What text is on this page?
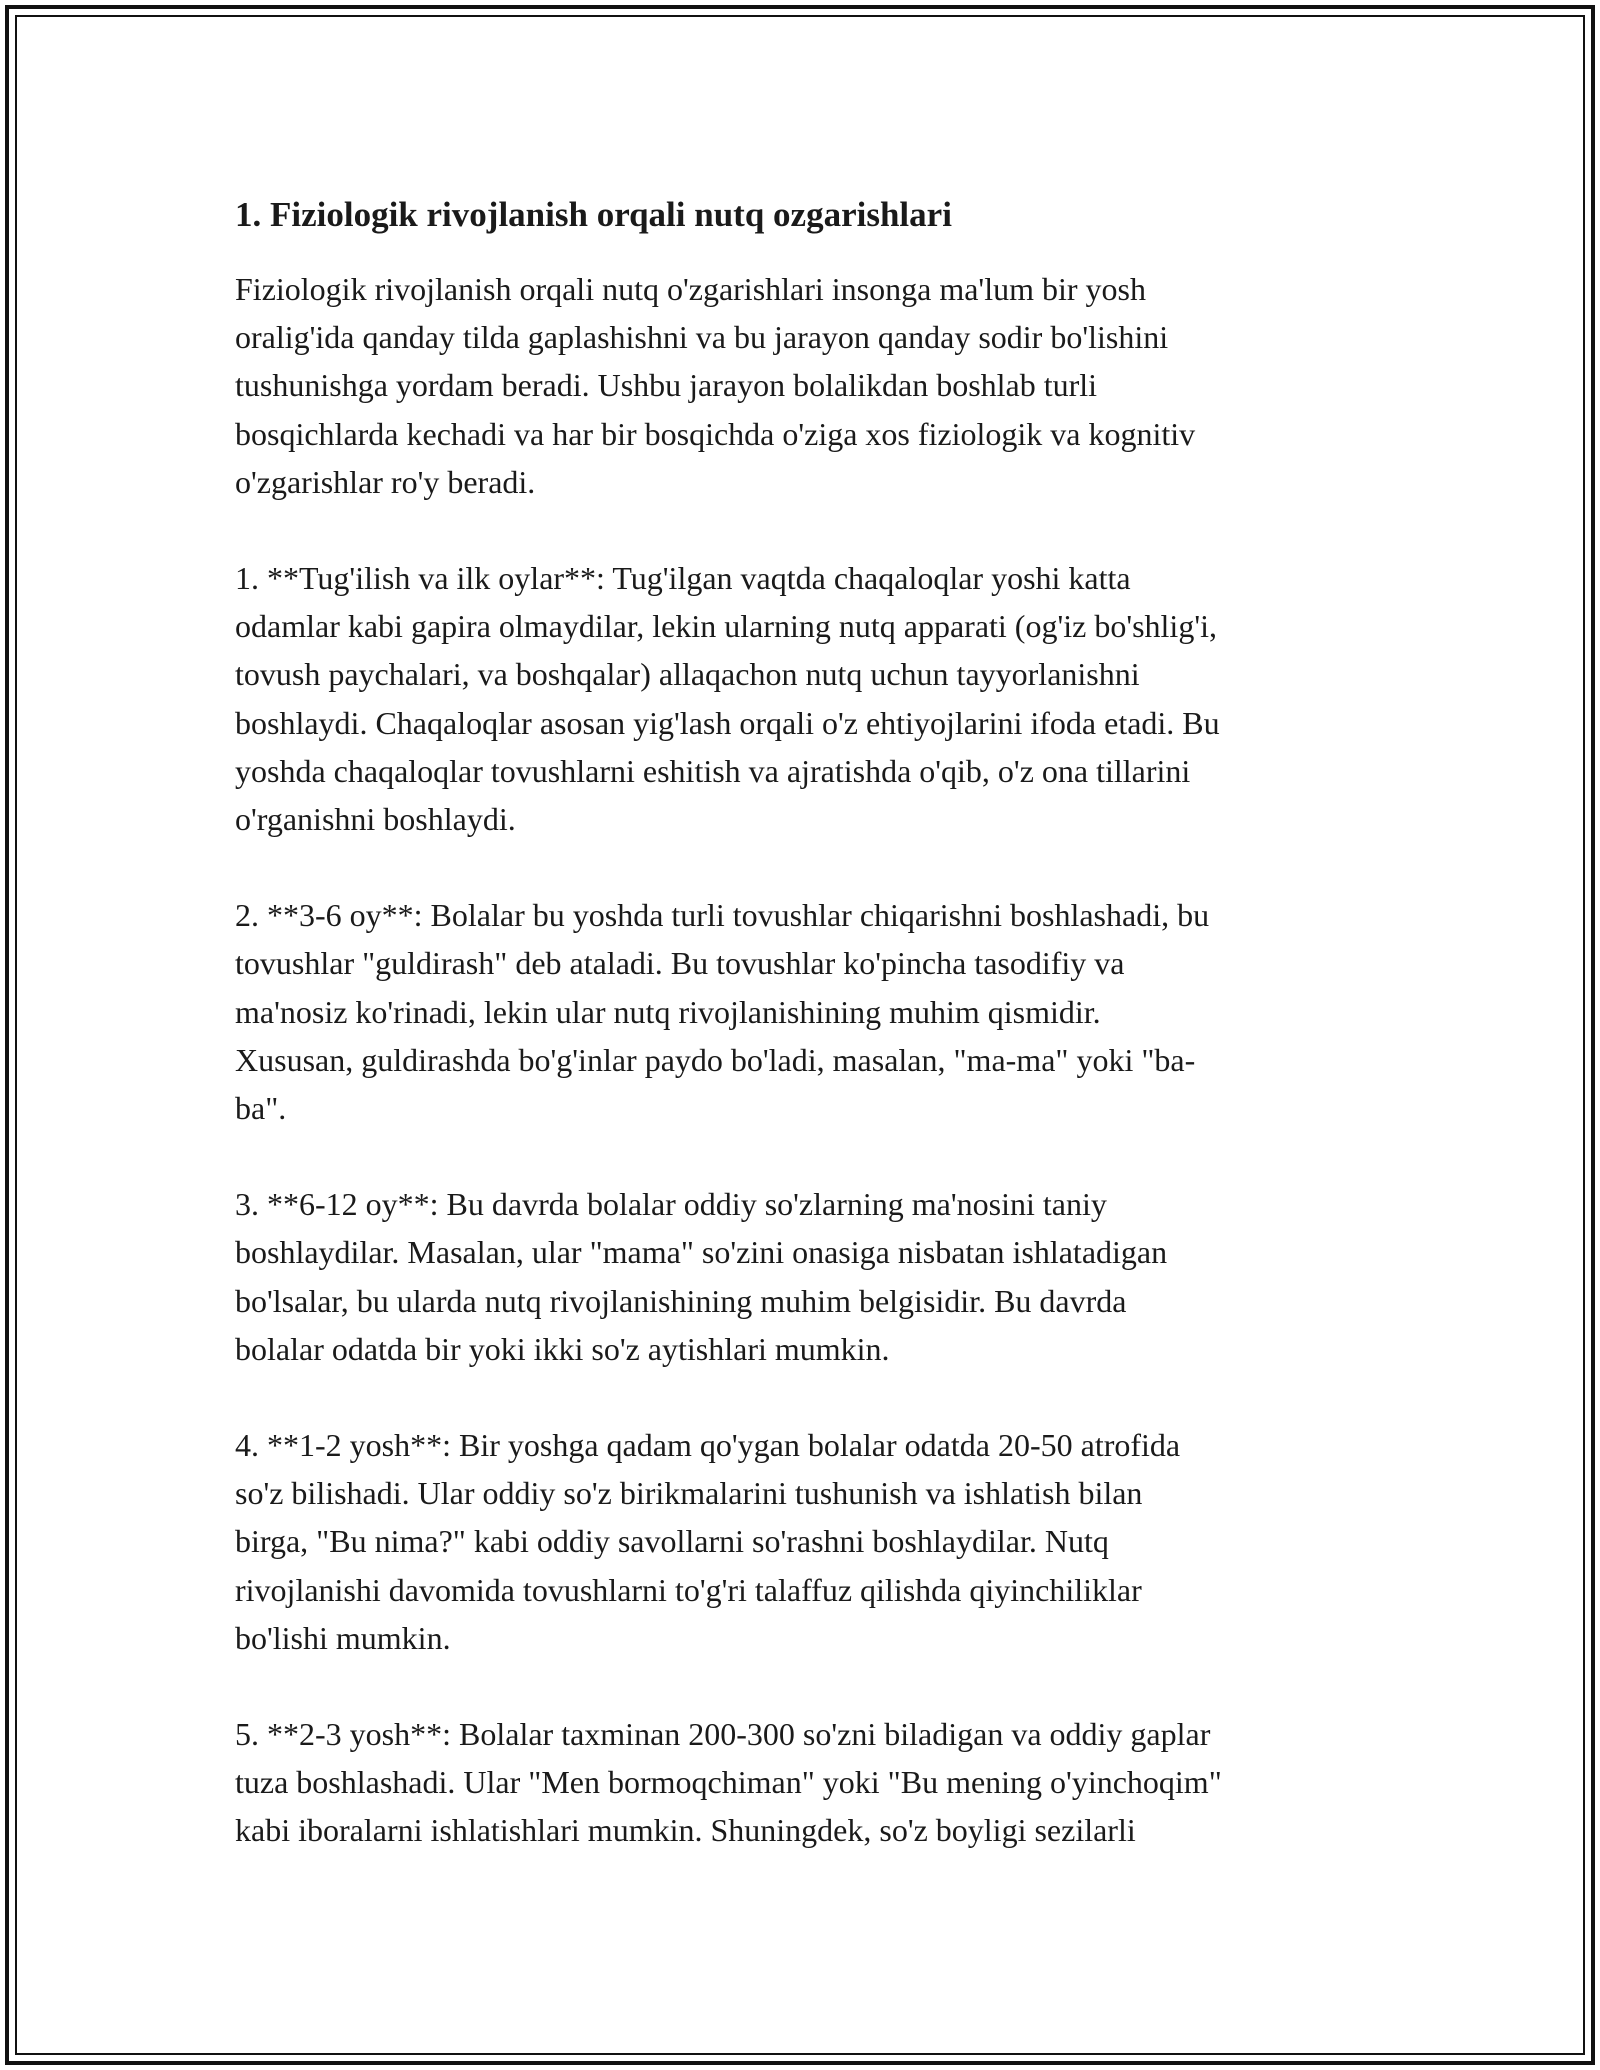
1. Fiziologik rivojlanish orqali nutq ozgarishlari

Fiziologik rivojlanish orqali nutq o'zgarishlari insonga ma'lum bir yosh
oralig'ida qanday tilda gaplashishni va bu jarayon qanday sodir bo'lishini
tushunishga yordam beradi. Ushbu jarayon bolalikdan boshlab turli
bosqichlarda kechadi va har bir bosqichda o'ziga xos fiziologik va kognitiv
o'zgarishlar ro'y beradi.

1. **Tug'ilish va ilk oylar**: Tug'ilgan vaqtda chaqaloqlar yoshi katta
odamlar kabi gapira olmaydilar, lekin ularning nutq apparati (og'iz bo'shlig'i,
tovush paychalari, va boshqalar) allaqachon nutq uchun tayyorlanishni
boshlaydi. Chaqaloqlar asosan yig'lash orqali o'z ehtiyojlarini ifoda etadi. Bu
yoshda chaqaloqlar tovushlarni eshitish va ajratishda o'qib, o'z ona tillarini
o'rganishni boshlaydi.

2. **3-6 oy**: Bolalar bu yoshda turli tovushlar chiqarishni boshlashadi, bu
tovushlar "guldirash" deb ataladi. Bu tovushlar ko'pincha tasodifiy va
ma'nosiz ko'rinadi, lekin ular nutq rivojlanishining muhim qismidir.
Xususan, guldirashda bo'g'inlar paydo bo'ladi, masalan, "ma-ma" yoki "ba-
ba".

3. **6-12 oy**: Bu davrda bolalar oddiy so'zlarning ma'nosini taniy
boshlaydilar. Masalan, ular "mama" so'zini onasiga nisbatan ishlatadigan
bo'lsalar, bu ularda nutq rivojlanishining muhim belgisidir. Bu davrda
bolalar odatda bir yoki ikki so'z aytishlari mumkin.

4. **1-2 yosh**: Bir yoshga qadam qo'ygan bolalar odatda 20-50 atrofida
so'z bilishadi. Ular oddiy so'z birikmalarini tushunish va ishlatish bilan
birga, "Bu nima?" kabi oddiy savollarni so'rashni boshlaydilar. Nutq
rivojlanishi davomida tovushlarni to'g'ri talaffuz qilishda qiyinchiliklar
bo'lishi mumkin.

5. **2-3 yosh**: Bolalar taxminan 200-300 so'zni biladigan va oddiy gaplar
tuza boshlashadi. Ular "Men bormoqchiman" yoki "Bu mening o'yinchoqim"
kabi iboralarni ishlatishlari mumkin. Shuningdek, so'z boyligi sezilarli
